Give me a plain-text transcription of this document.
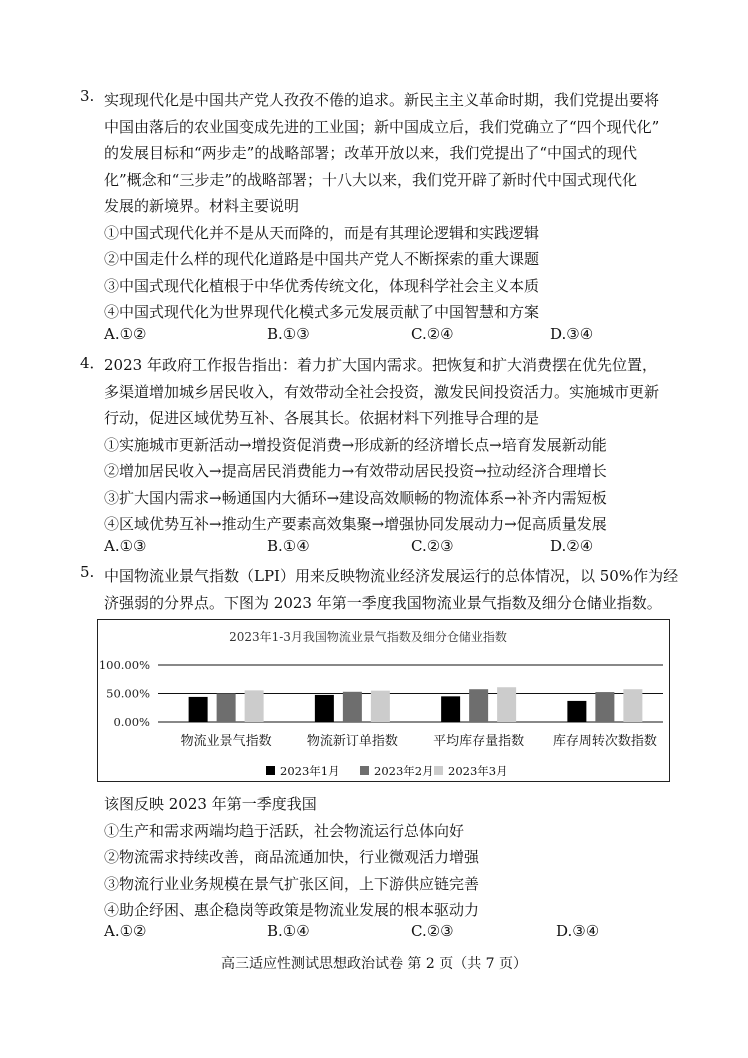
3. 实现现代化是中国共产党人孜孜不倦的追求。新民主主义革命时期，我们党提出要将
中国由落后的农业国变成先进的工业国；新中国成立后，我们党确立了“四个现代化”
的发展目标和“两步走”的战略部署；改革开放以来，我们党提出了“中国式的现代
化”概念和“三步走”的战略部署；十八大以来，我们党开辟了新时代中国式现代化
发展的新境界。材料主要说明
①中国式现代化并不是从天而降的，而是有其理论逻辑和实践逻辑
②中国走什么样的现代化道路是中国共产党人不断探索的重大课题
③中国式现代化植根于中华优秀传统文化，体现科学社会主义本质
④中国式现代化为世界现代化模式多元发展贡献了中国智慧和方案
A.①②	B.①③	C.②④	D.③④
4． 2023 年政府工作报告指出：着力扩大国内需求。把恢复和扩大消费摆在优先位置，
多渠道增加城乡居民收入，有效带动全社会投资，激发民间投资活力。实施城市更新
行动，促进区域优势互补、各展其长。依据材料下列推导合理的是
①实施城市更新活动→增投资促消费→形成新的经济增长点→培育发展新动能
②增加居民收入→提高居民消费能力→有效带动居民投资→拉动经济合理增长
③扩大国内需求→畅通国内大循环→建设高效顺畅的物流体系→补齐内需短板
④区域优势互补→推动生产要素高效集聚→增强协同发展动力→促高质量发展
A.①③	B.①④	C.②③	D.②④
5. 中国物流业景气指数（LPI）用来反映物流业经济发展运行的总体情况，以 50%作为经
济强弱的分界点。下图为 2023 年第一季度我国物流业景气指数及细分仓储业指数。
2023年1-3月我国物流业景气指数及细分仓储业指数
0.00%
50.00%
100.00%
物流业景气指数	物流新订单指数	平均库存量指数 库存周转次数指数
2023年1月	2023年2月 2023年3月
该图反映 2023 年第一季度我国
①生产和需求两端均趋于活跃，社会物流运行总体向好
②物流需求持续改善，商品流通加快，行业微观活力增强
③物流行业业务规模在景气扩张区间，上下游供应链完善
④助企纾困、惠企稳岗等政策是物流业发展的根本驱动力
A.①②	B.①④	C.②③	D.③④
高三适应性测试思想政治试卷 第 2 页（共 7 页）
